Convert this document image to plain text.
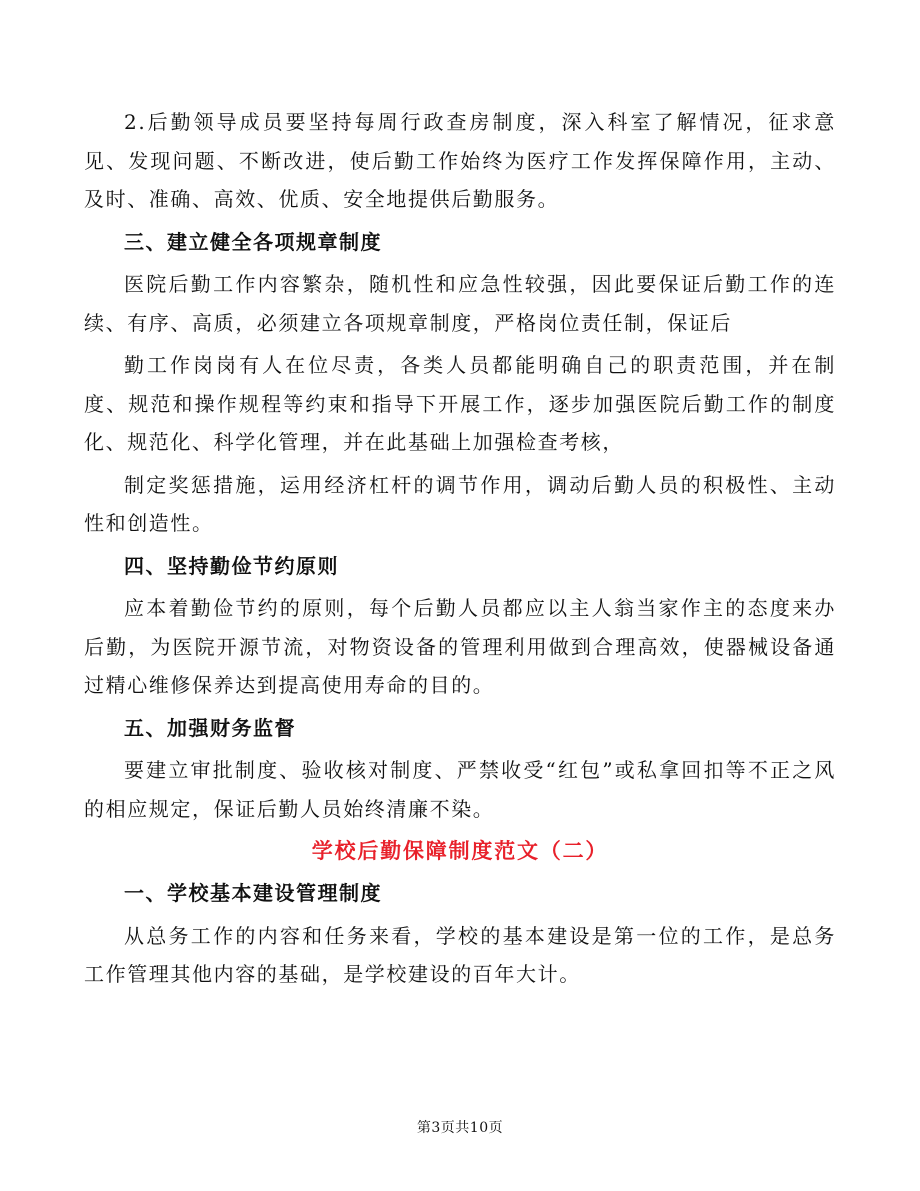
2.后勤领导成员要坚持每周行政查房制度，深入科室了解情况，征求意见、发现问题、不断改进，使后勤工作始终为医疗工作发挥保障作用，主动、及时、准确、高效、优质、安全地提供后勤服务。

三、建立健全各项规章制度

医院后勤工作内容繁杂，随机性和应急性较强，因此要保证后勤工作的连续、有序、高质，必须建立各项规章制度，严格岗位责任制，保证后

勤工作岗岗有人在位尽责，各类人员都能明确自己的职责范围，并在制度、规范和操作规程等约束和指导下开展工作，逐步加强医院后勤工作的制度化、规范化、科学化管理，并在此基础上加强检查考核，

制定奖惩措施，运用经济杠杆的调节作用，调动后勤人员的积极性、主动性和创造性。

四、坚持勤俭节约原则

应本着勤俭节约的原则，每个后勤人员都应以主人翁当家作主的态度来办后勤，为医院开源节流，对物资设备的管理利用做到合理高效，使器械设备通过精心维修保养达到提高使用寿命的目的。

五、加强财务监督

要建立审批制度、验收核对制度、严禁收受“红包”或私拿回扣等不正之风的相应规定，保证后勤人员始终清廉不染。

学校后勤保障制度范文（二）

一、学校基本建设管理制度

从总务工作的内容和任务来看，学校的基本建设是第一位的工作，是总务工作管理其他内容的基础，是学校建设的百年大计。

第3页共10页
